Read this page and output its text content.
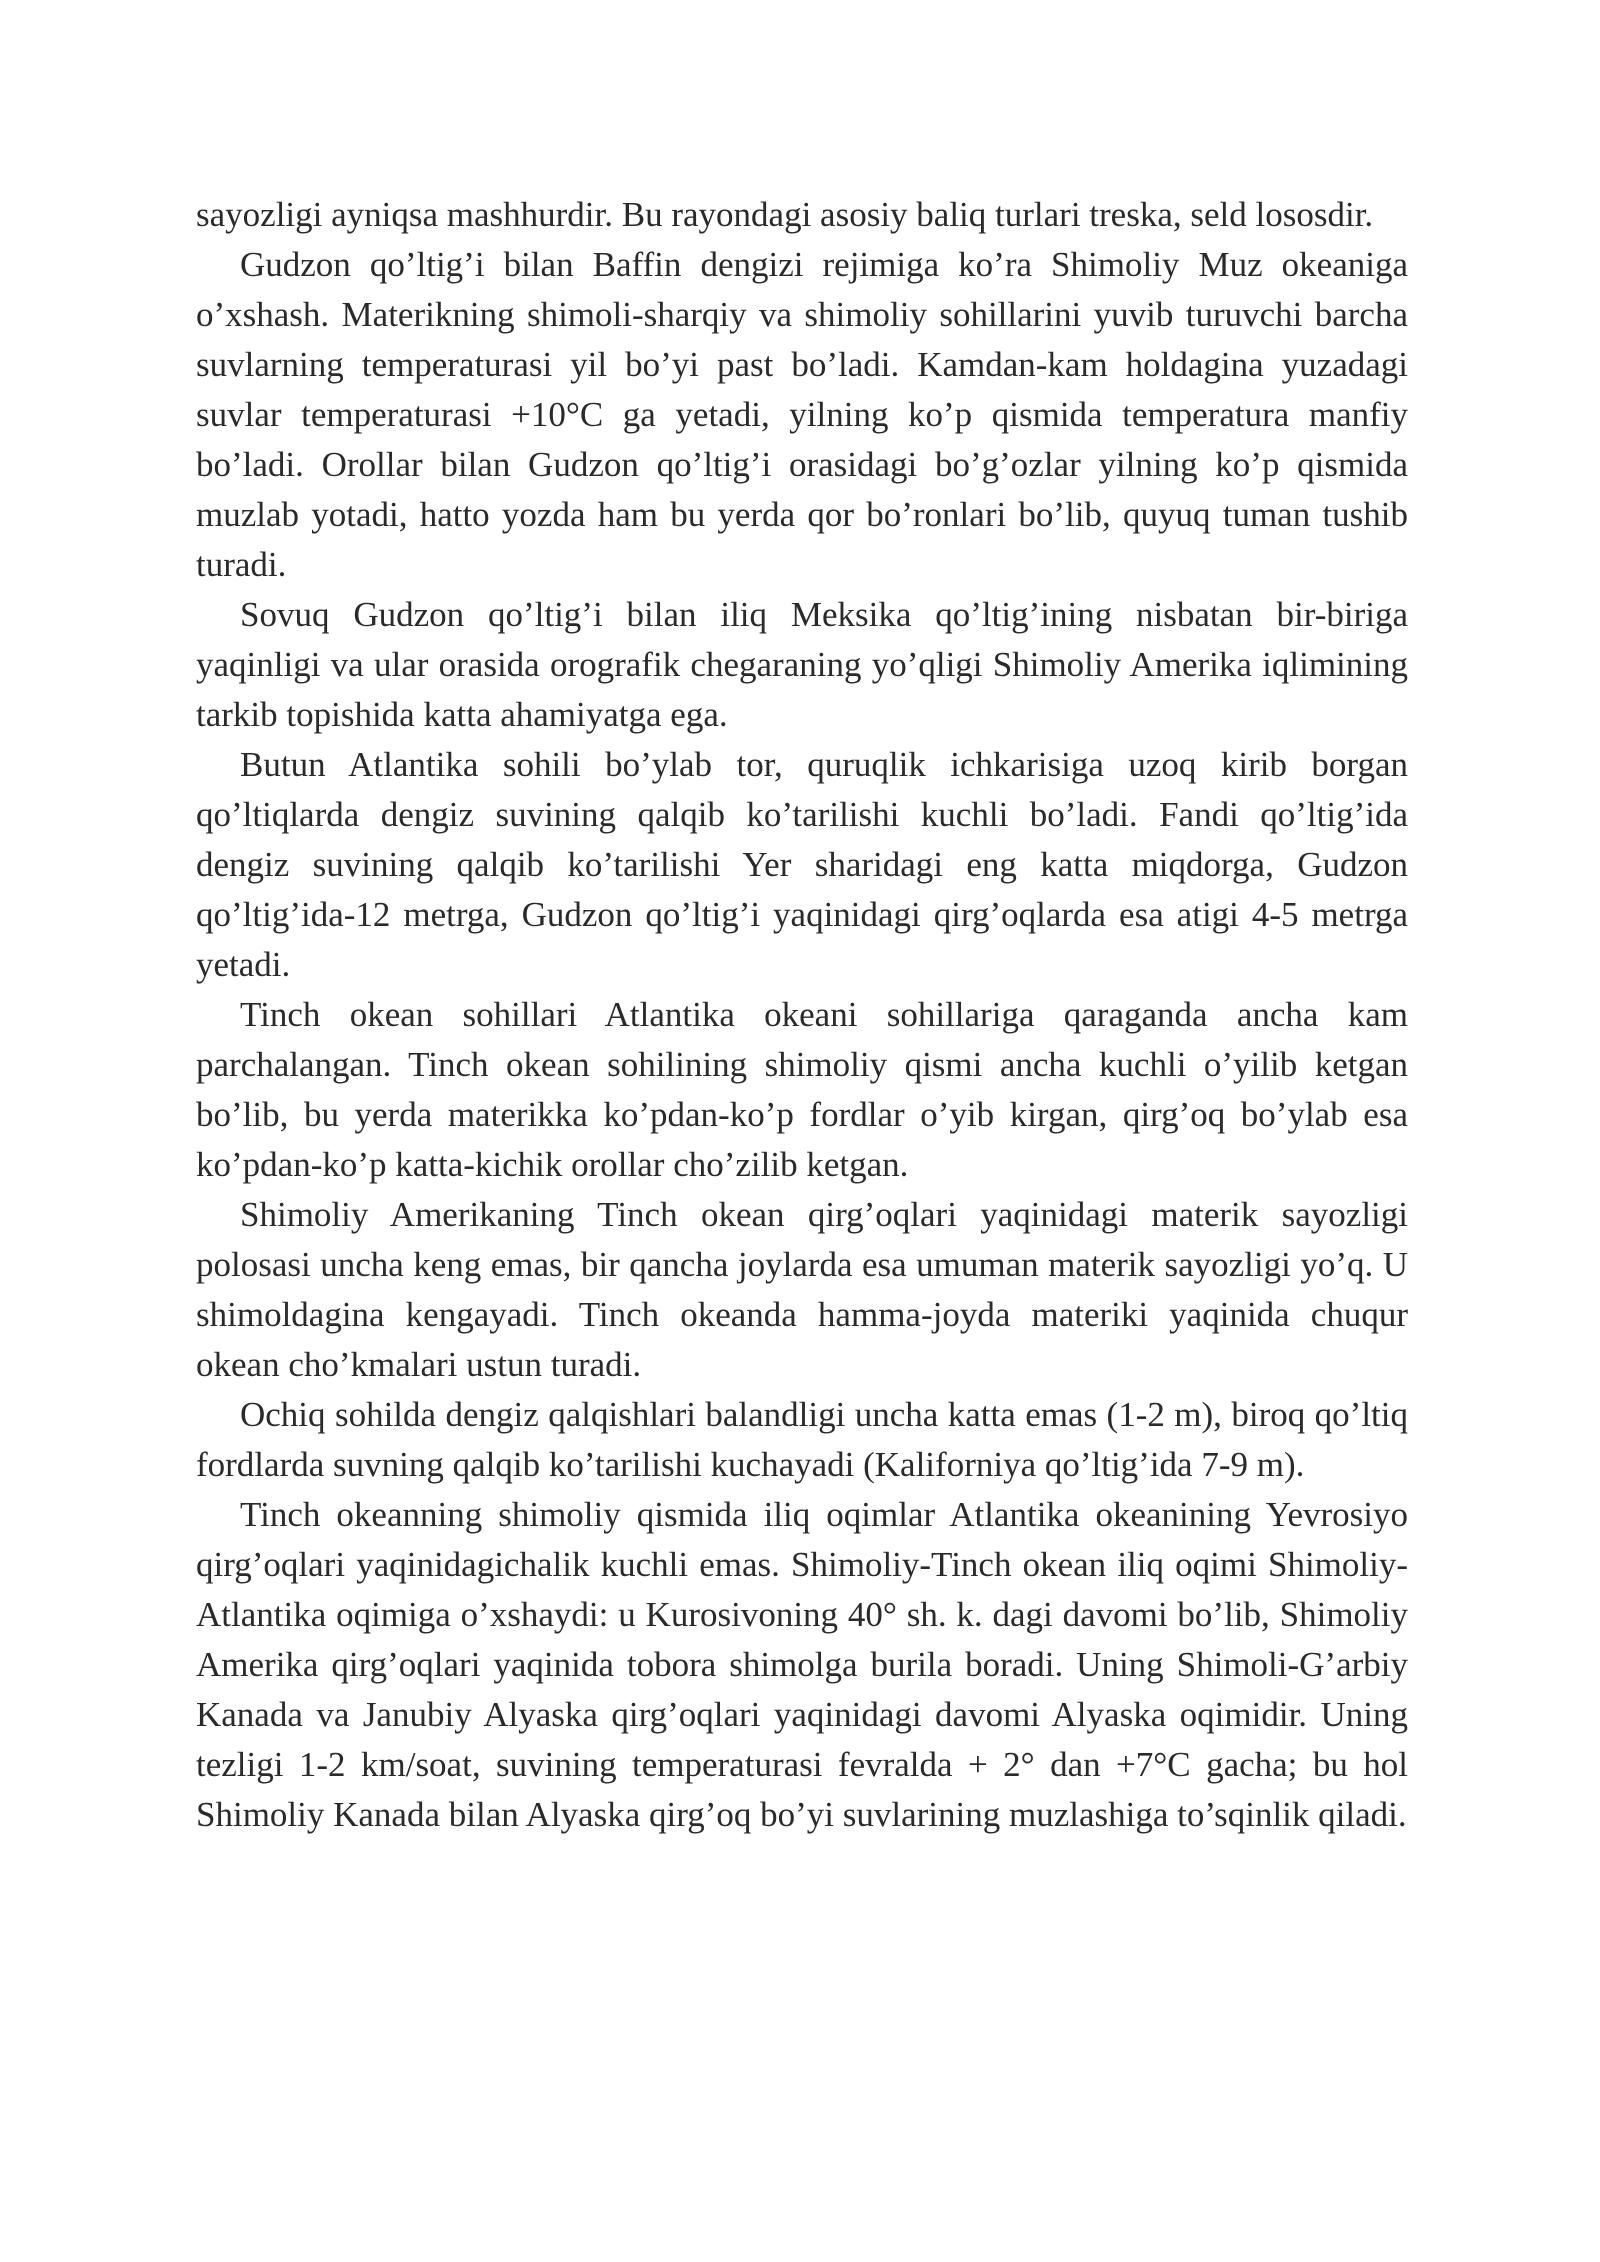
sayozligi ayniqsa mashhurdir. Bu rayondagi asosiy baliq turlari treska, seld lososdir.

Gudzon qo’ltig’i bilan Baffin dengizi rejimiga ko’ra Shimoliy Muz okeaniga o’xshash. Materikning shimoli-sharqiy va shimoliy sohillarini yuvib turuvchi barcha suvlarning temperaturasi yil bo’yi past bo’ladi. Kamdan-kam holdagina yuzadagi suvlar temperaturasi +10°C ga yetadi, yilning ko’p qismida temperatura manfiy bo’ladi. Orollar bilan Gudzon qo’ltig’i orasidagi bo’g’ozlar yilning ko’p qismida muzlab yotadi, hatto yozda ham bu yerda qor bo’ronlari bo’lib, quyuq tuman tushib turadi.

Sovuq Gudzon qo’ltig’i bilan iliq Meksika qo’ltig’ining nisbatan bir-biriga yaqinligi va ular orasida orografik chegaraning yo’qligi Shimoliy Amerika iqlimining tarkib topishida katta ahamiyatga ega.

Butun Atlantika sohili bo’ylab tor, quruqlik ichkarisiga uzoq kirib borgan qo’ltiqlarda dengiz suvining qalqib ko’tarilishi kuchli bo’ladi. Fandi qo’ltig’ida dengiz suvining qalqib ko’tarilishi Yer sharidagi eng katta miqdorga, Gudzon qo’ltig’ida-12 metrga, Gudzon qo’ltig’i yaqinidagi qirg’oqlarda esa atigi 4-5 metrga yetadi.

Tinch okean sohillari Atlantika okeani sohillariga qaraganda ancha kam parchalangan. Tinch okean sohilining shimoliy qismi ancha kuchli o’yilib ketgan bo’lib, bu yerda materikka ko’pdan-ko’p fordlar o’yib kirgan, qirg’oq bo’ylab esa ko’pdan-ko’p katta-kichik orollar cho’zilib ketgan.

Shimoliy Amerikaning Tinch okean qirg’oqlari yaqinidagi materik sayozligi polosasi uncha keng emas, bir qancha joylarda esa umuman materik sayozligi yo’q. U shimoldagina kengayadi. Tinch okeanda hamma-joyda materiki yaqinida chuqur okean cho’kmalari ustun turadi.

Ochiq sohilda dengiz qalqishlari balandligi uncha katta emas (1-2 m), biroq qo’ltiq fordlarda suvning qalqib ko’tarilishi kuchayadi (Kaliforniya qo’ltig’ida 7-9 m).

Tinch okeanning shimoliy qismida iliq oqimlar Atlantika okeanining Yevrosiyo qirg’oqlari yaqinidagichalik kuchli emas. Shimoliy-Tinch okean iliq oqimi Shimoliy-Atlantika oqimiga o’xshaydi: u Kurosivoning 40° sh. k. dagi davomi bo’lib, Shimoliy Amerika qirg’oqlari yaqinida tobora shimolga burila boradi. Uning Shimoli-G’arbiy Kanada va Janubiy Alyaska qirg’oqlari yaqinidagi davomi Alyaska oqimidir. Uning tezligi 1-2 km/soat, suvining temperaturasi fevralda + 2° dan +7°C gacha; bu hol Shimoliy Kanada bilan Alyaska qirg’oq bo’yi suvlarining muzlashiga to’sqinlik qiladi.
